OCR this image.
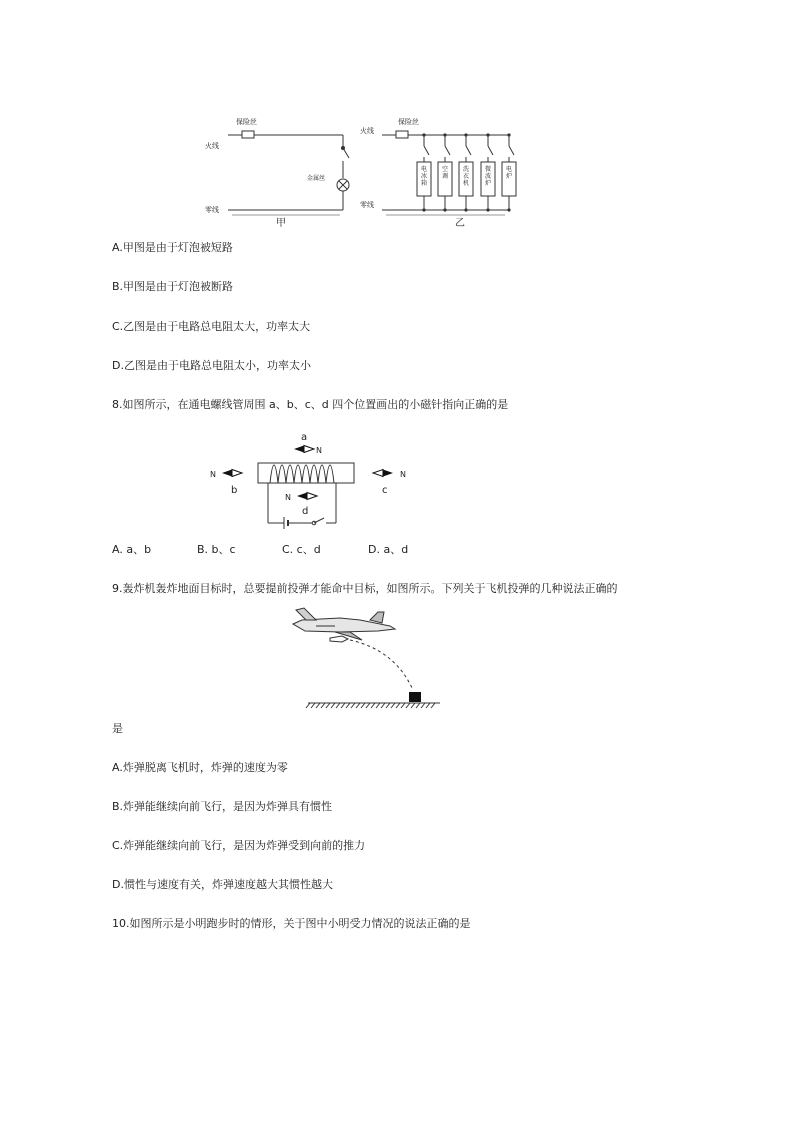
保险丝
火线
零线
金属丝
甲
电冰箱
空调
洗衣机
微波炉
电炉
保险丝
火线
零线
乙
A.甲图是由于灯泡被短路
B.甲图是由于灯泡被断路
C.乙图是由于电路总电阻太大，功率太大
D.乙图是由于电路总电阻太小，功率太小
8.如图所示，在通电螺线管周围 a、b、c、d 四个位置画出的小磁针指向正确的是
N
a
N
b
N
c
N
d
A. a、b	B. b、c	C. c、d	D. a、d
9.轰炸机轰炸地面目标时，总要提前投弹才能命中目标，如图所示。下列关于飞机投弹的几种说法正确的
是
A.炸弹脱离飞机时，炸弹的速度为零
B.炸弹能继续向前飞行，是因为炸弹具有惯性
C.炸弹能继续向前飞行，是因为炸弹受到向前的推力
D.惯性与速度有关，炸弹速度越大其惯性越大
10.如图所示是小明跑步时的情形，关于图中小明受力情况的说法正确的是
